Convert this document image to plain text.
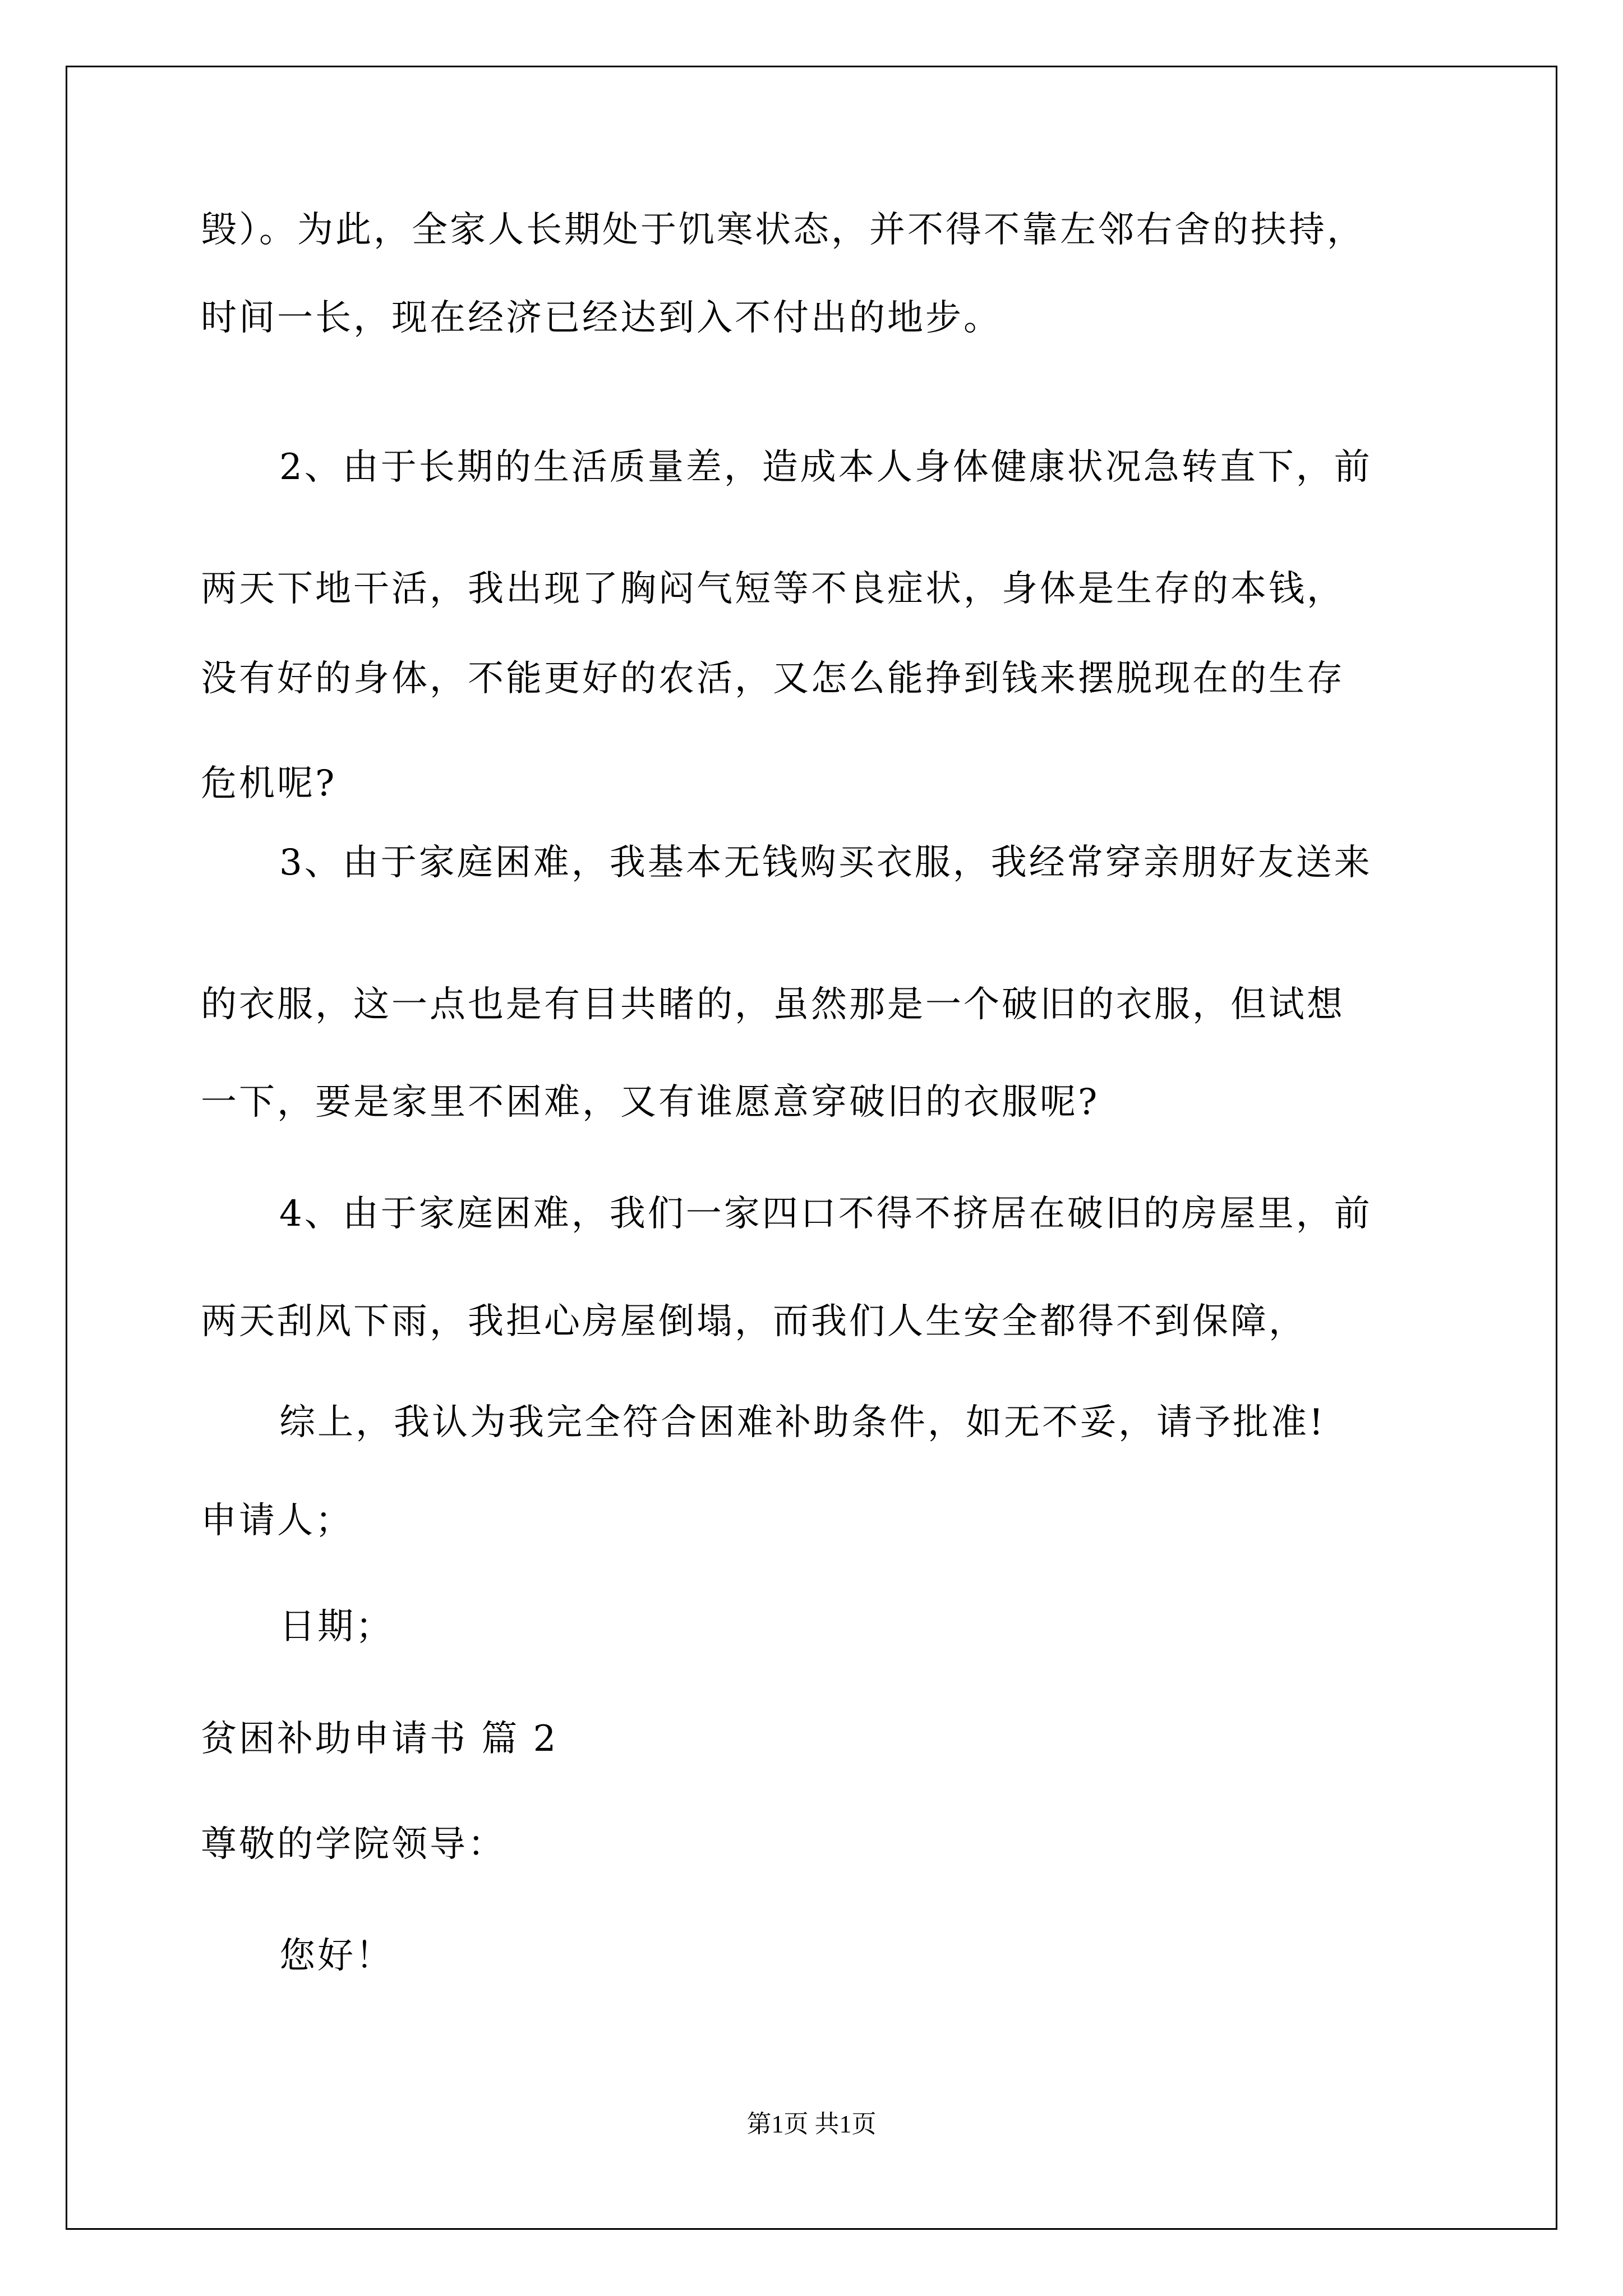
毁）。为此，全家人长期处于饥寒状态，并不得不靠左邻右舍的扶持，
时间一长，现在经济已经达到入不付出的地步。
2、由于长期的生活质量差，造成本人身体健康状况急转直下，前
两天下地干活，我出现了胸闷气短等不良症状，身体是生存的本钱，
没有好的身体，不能更好的农活，又怎么能挣到钱来摆脱现在的生存
危机呢?
3、由于家庭困难，我基本无钱购买衣服，我经常穿亲朋好友送来
的衣服，这一点也是有目共睹的，虽然那是一个破旧的衣服，但试想
一下，要是家里不困难，又有谁愿意穿破旧的衣服呢?
4、由于家庭困难，我们一家四口不得不挤居在破旧的房屋里，前
两天刮风下雨，我担心房屋倒塌，而我们人生安全都得不到保障，
综上，我认为我完全符合困难补助条件，如无不妥，请予批准!
申请人；
日期；
贫困补助申请书 篇 2
尊敬的学院领导：
您好！
第1页 共1页
